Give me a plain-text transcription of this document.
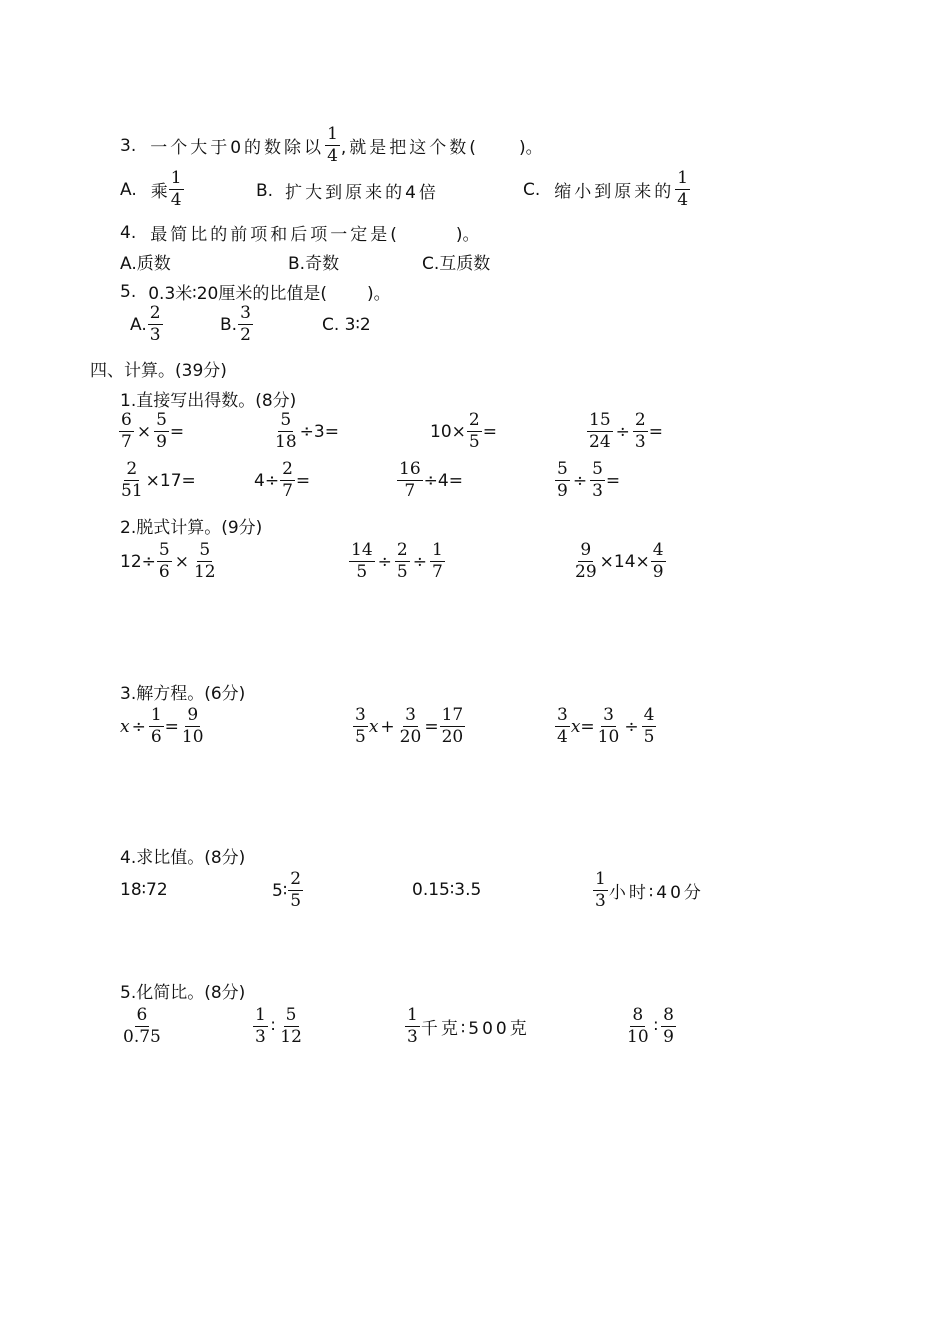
3. 一个大于0的数除以 $\frac{1}{4}$ ,就是把这个数( )。
A. 乘 $\frac{1}{4}$	B. 扩大到原来的4倍	C. 缩小到原来的 $\frac{1}{4}$
4. 最简比的前项和后项一定是(	)。
A.质数	B.奇数	C.互质数
5. 0.3米∶20厘米的比值是( )。
A. $\frac{2}{3}$	B. $\frac{3}{2}$	C. 3∶2
四、计算。(39分)
1.直接写出得数。(8分)
$\frac{6}{7} \times \frac{5}{9}$ =	$\frac{5}{18} \div 3=$	$10\times \frac{2}{5}$ =	$\frac{15}{24} \div \frac{2}{3}$ =
$\frac{2}{51} \times 17=$	$4\div \frac{2}{7}$ =	$\frac{16}{7} \div 4=$	$\frac{5}{9} \div \frac{5}{3}$ =
2.脱式计算。(9分)
$12\div \frac{5}{6} \times \frac{5}{12}$	$\frac{14}{5} \div \frac{2}{5} \div \frac{1}{7}$	$\frac{9}{29} \times 14\times \frac{4}{9}$
3.解方程。(6分)
$x \div \frac{1}{6} = \frac{9}{10}$	$\frac{3}{5}$ $x + \frac{3}{20} = \frac{17}{20}$	$\frac{3}{4}$ $x = \frac{3}{10} \div \frac{4}{5}$
4.求比值。(8分)
18∶72	5∶ $\frac{2}{5}$	0.15∶3.5	$\frac{1}{3}$ 小时∶40分
5.化简比。(8分)
$\frac{6}{0.75}$	$\frac{1}{3}$ ∶ $\frac{5}{12}$	$\frac{1}{3}$ 千克∶500克	$\frac{8}{10}$ ∶ $\frac{8}{9}$
